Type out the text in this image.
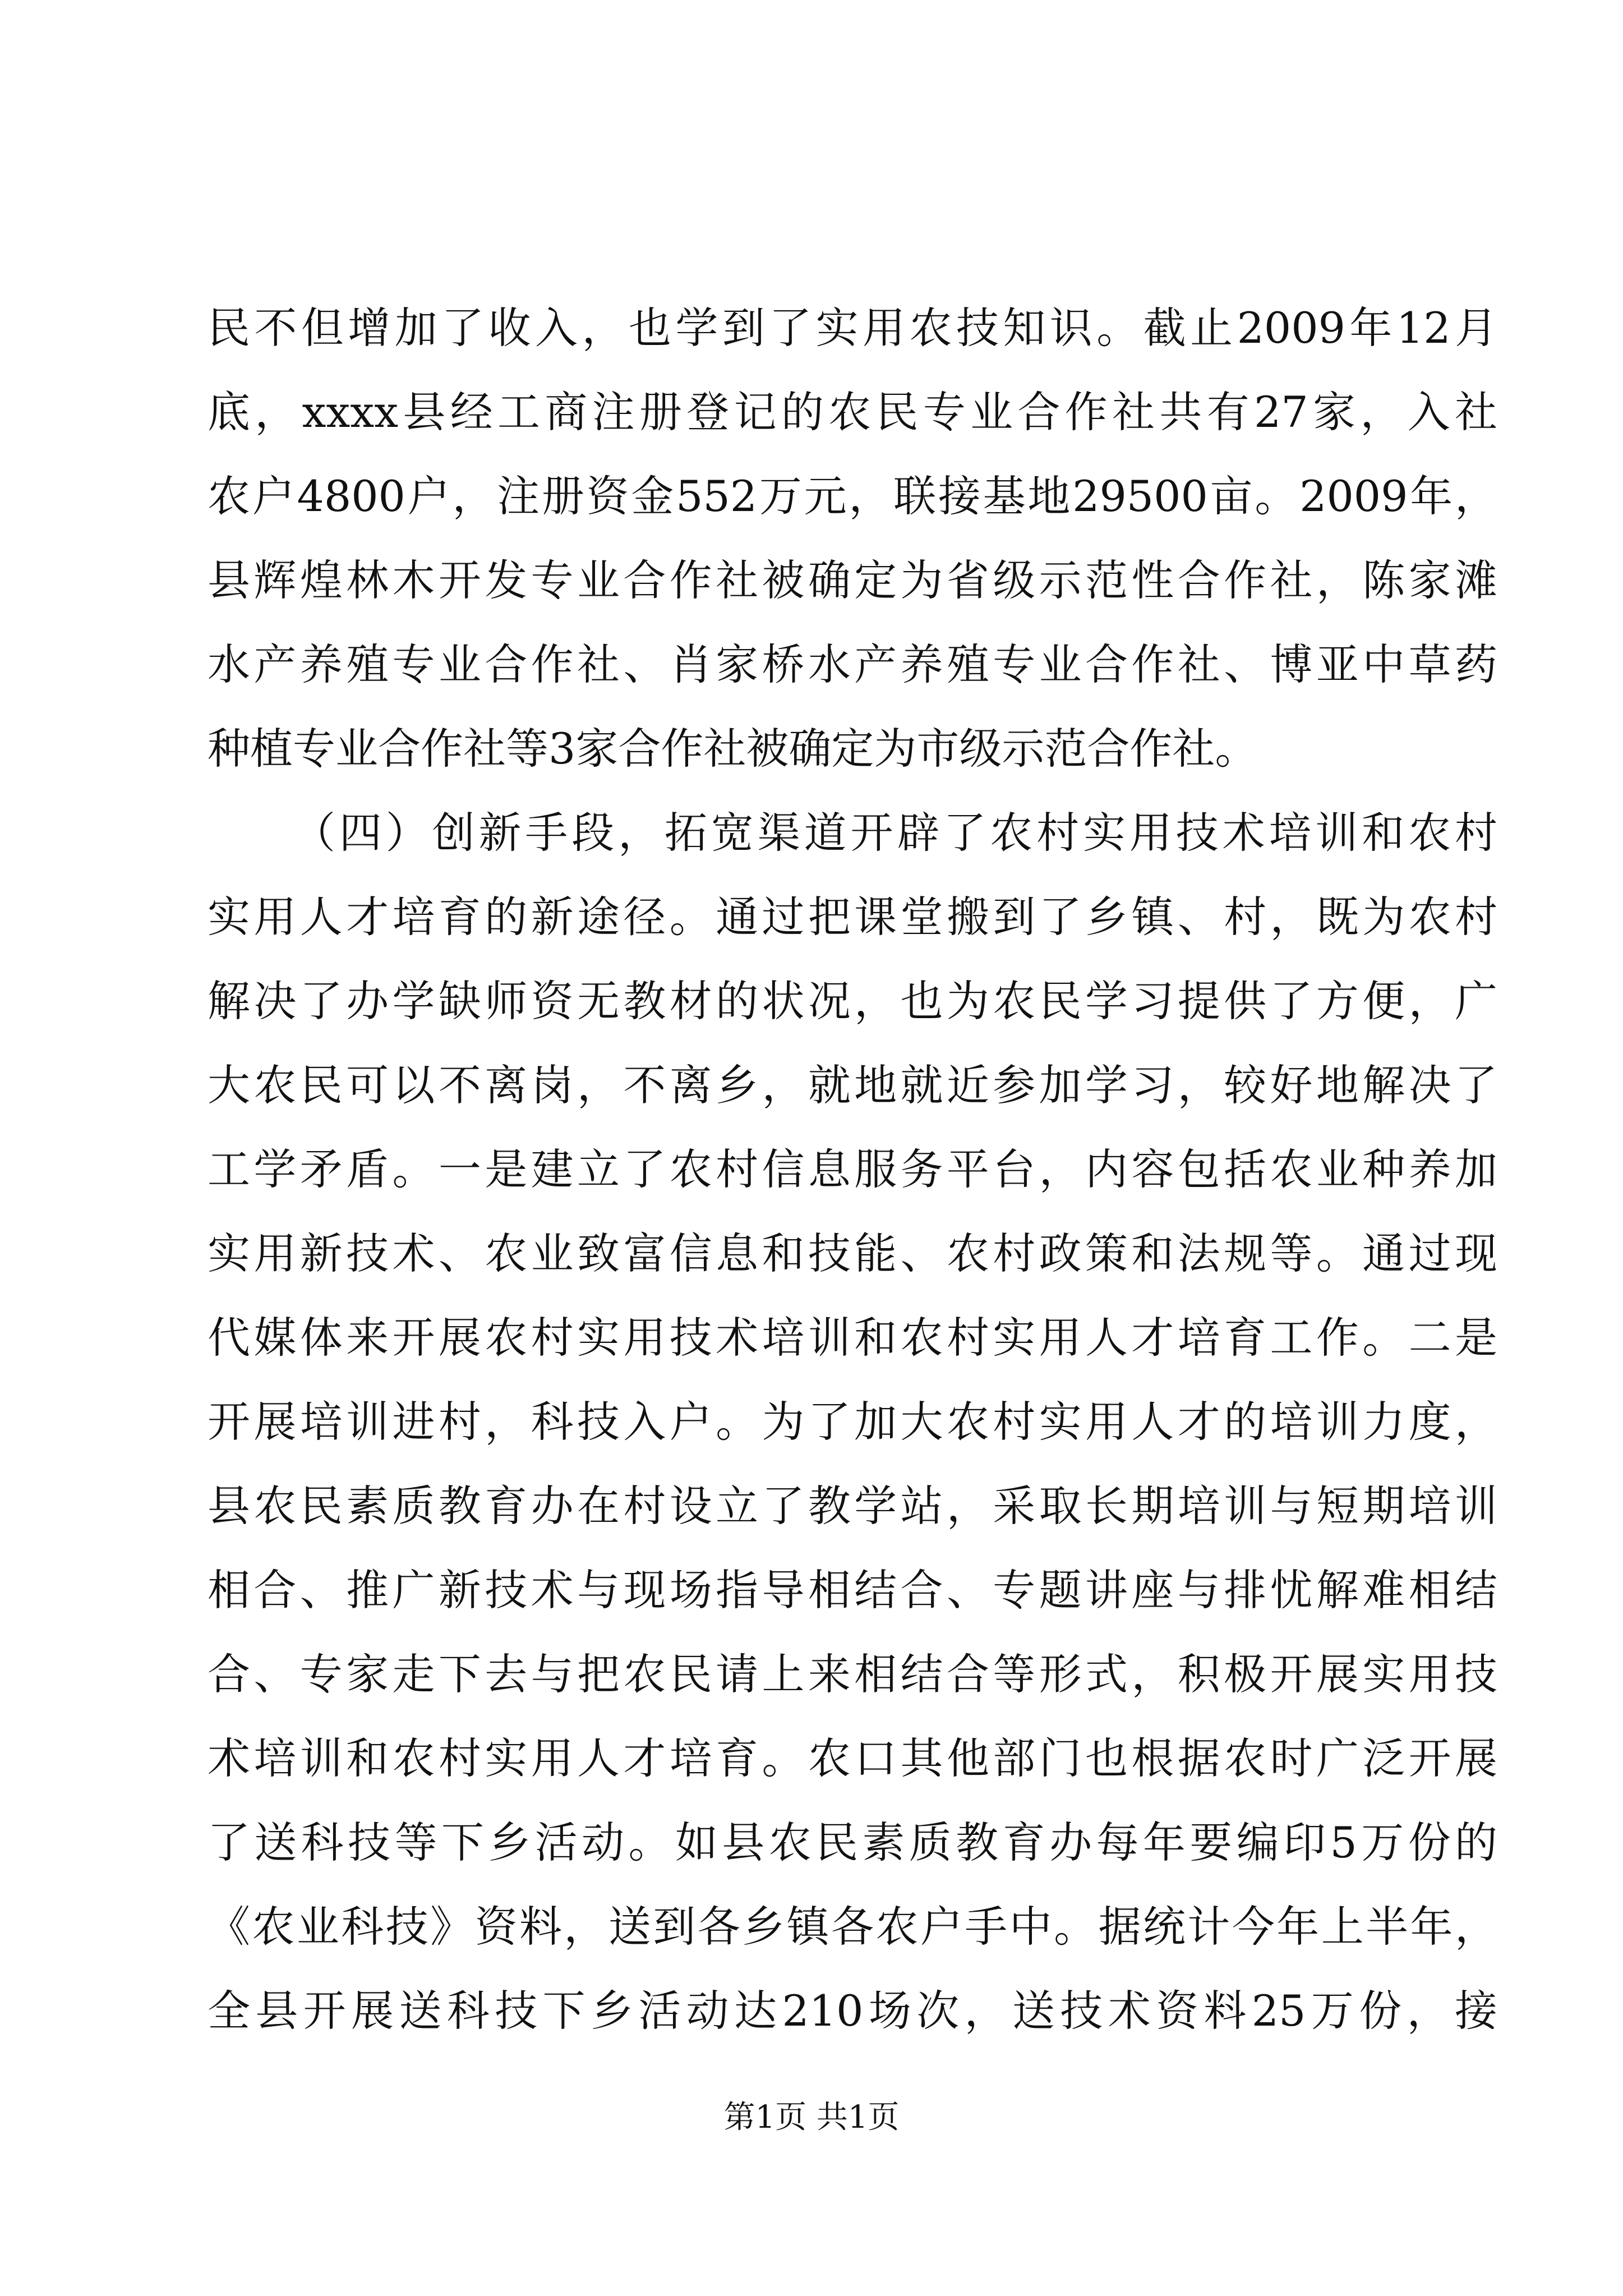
民不但增加了收入，也学到了实用农技知识。截止2009年12月
底，xxxx县经工商注册登记的农民专业合作社共有27家，入社
农户4800户，注册资金552万元，联接基地29500亩。2009年，
县辉煌林木开发专业合作社被确定为省级示范性合作社，陈家滩
水产养殖专业合作社、肖家桥水产养殖专业合作社、博亚中草药
种植专业合作社等3家合作社被确定为市级示范合作社。
（四）创新手段，拓宽渠道开辟了农村实用技术培训和农村
实用人才培育的新途径。通过把课堂搬到了乡镇、村，既为农村
解决了办学缺师资无教材的状况，也为农民学习提供了方便，广
大农民可以不离岗，不离乡，就地就近参加学习，较好地解决了
工学矛盾。一是建立了农村信息服务平台，内容包括农业种养加
实用新技术、农业致富信息和技能、农村政策和法规等。通过现
代媒体来开展农村实用技术培训和农村实用人才培育工作。二是
开展培训进村，科技入户。为了加大农村实用人才的培训力度，
县农民素质教育办在村设立了教学站，采取长期培训与短期培训
相合、推广新技术与现场指导相结合、专题讲座与排忧解难相结
合、专家走下去与把农民请上来相结合等形式，积极开展实用技
术培训和农村实用人才培育。农口其他部门也根据农时广泛开展
了送科技等下乡活动。如县农民素质教育办每年要编印5万份的
《农业科技》资料，送到各乡镇各农户手中。据统计今年上半年，
全县开展送科技下乡活动达210场次，送技术资料25万份，接
第1页 共1页
